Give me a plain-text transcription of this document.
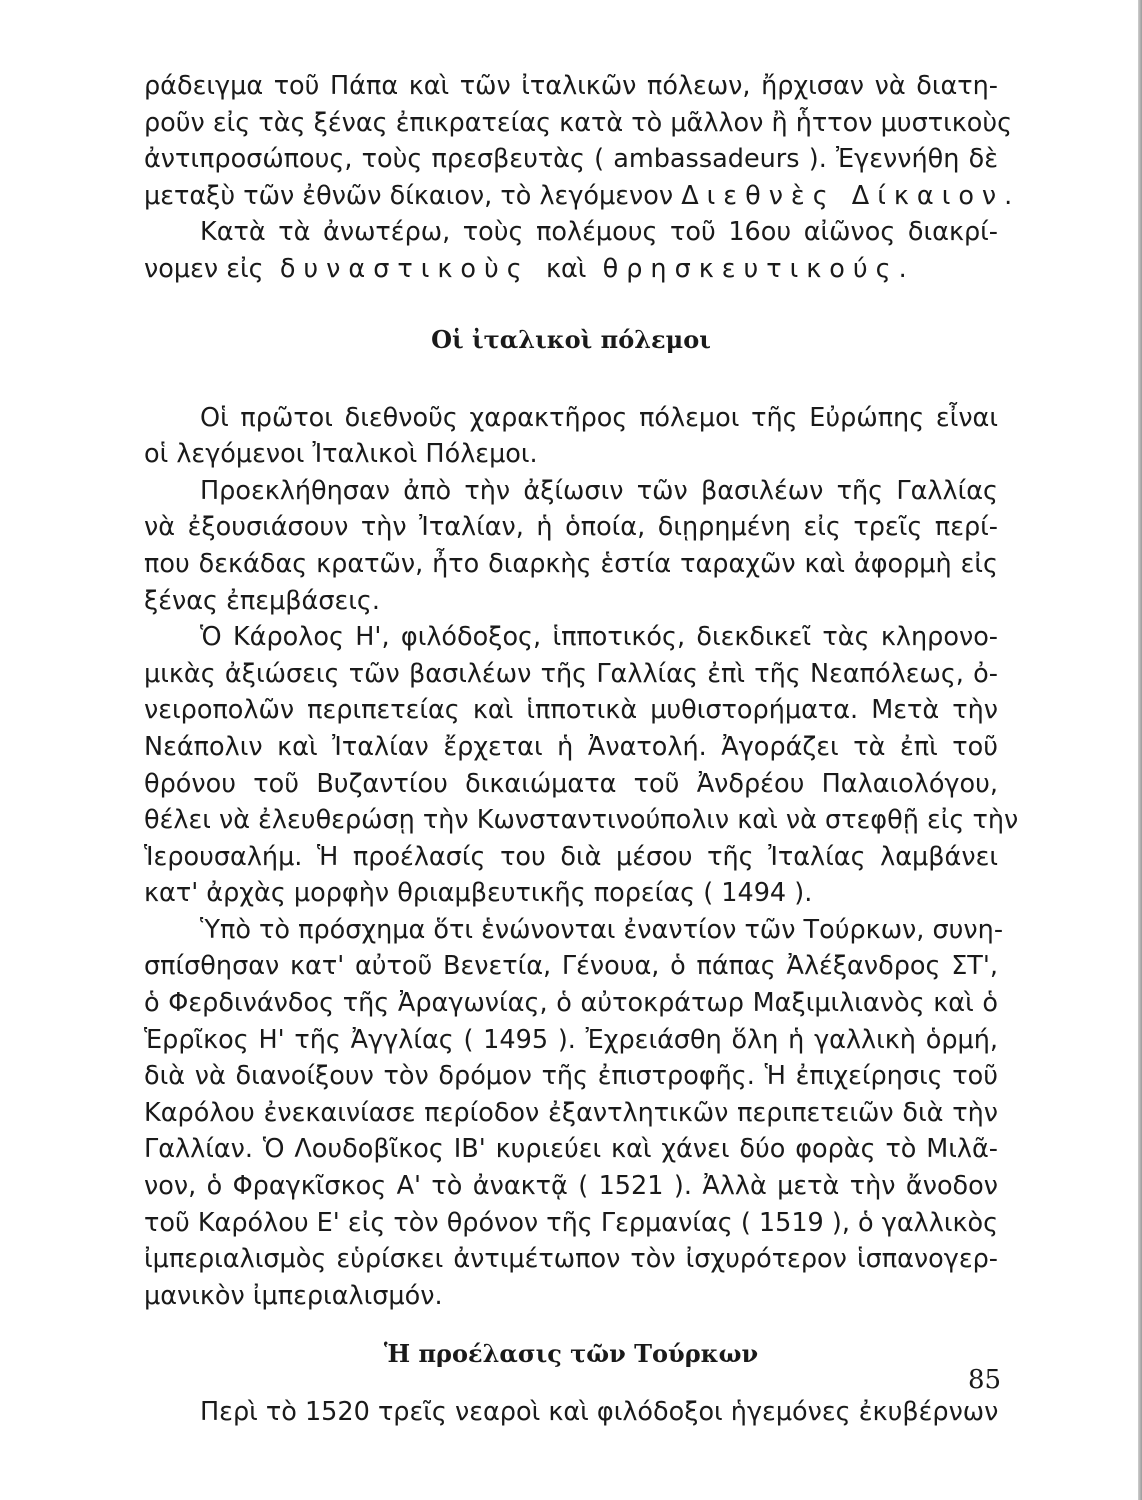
ράδειγμα τοῦ Πάπα καὶ τῶν ἰταλικῶν πόλεων, ἤρχισαν νὰ διατη-
ροῦν εἰς τὰς ξένας ἐπικρατείας κατὰ τὸ μᾶλλον ἢ ἧττον μυστικοὺς
ἀντιπροσώπους, τοὺς πρεσβευτὰς ( ambassadeurs ). Ἐγεννήθη δὲ
μεταξὺ τῶν ἐθνῶν δίκαιον, τὸ λεγόμενον Διεθνὲς Δίκαιον.
Κατὰ τὰ ἀνωτέρω, τοὺς πολέμους τοῦ 16ου αἰῶνος διακρί-
νομεν εἰς δυναστικοὺς καὶ θρησκευτικούς.
Οἱ ἰταλικοὶ πόλεμοι
Οἱ πρῶτοι διεθνοῦς χαρακτῆρος πόλεμοι τῆς Εὐρώπης εἶναι
οἱ λεγόμενοι Ἰταλικοὶ Πόλεμοι.
Προεκλήθησαν ἀπὸ τὴν ἀξίωσιν τῶν βασιλέων τῆς Γαλλίας
νὰ ἐξουσιάσουν τὴν Ἰταλίαν, ἡ ὁποία, διῃρημένη εἰς τρεῖς περί-
που δεκάδας κρατῶν, ἦτο διαρκὴς ἑστία ταραχῶν καὶ ἀφορμὴ εἰς
ξένας ἐπεμβάσεις.
Ὁ Κάρολος Η', φιλόδοξος, ἱπποτικός, διεκδικεῖ τὰς κληρονο-
μικὰς ἀξιώσεις τῶν βασιλέων τῆς Γαλλίας ἐπὶ τῆς Νεαπόλεως, ὀ-
νειροπολῶν περιπετείας καὶ ἱπποτικὰ μυθιστορήματα. Μετὰ τὴν
Νεάπολιν καὶ Ἰταλίαν ἔρχεται ἡ Ἀνατολή. Ἀγοράζει τὰ ἐπὶ τοῦ
θρόνου τοῦ Βυζαντίου δικαιώματα τοῦ Ἀνδρέου Παλαιολόγου,
θέλει νὰ ἐλευθερώσῃ τὴν Κωνσταντινούπολιν καὶ νὰ στεφθῇ εἰς τὴν
Ἱερουσαλήμ. Ἡ προέλασίς του διὰ μέσου τῆς Ἰταλίας λαμβάνει
κατ' ἀρχὰς μορφὴν θριαμβευτικῆς πορείας ( 1494 ).
Ὑπὸ τὸ πρόσχημα ὅτι ἑνώνονται ἐναντίον τῶν Τούρκων, συνη-
σπίσθησαν κατ' αὐτοῦ Βενετία, Γένουα, ὁ πάπας Ἀλέξανδρος ΣΤ',
ὁ Φερδινάνδος τῆς Ἀραγωνίας, ὁ αὐτοκράτωρ Μαξιμιλιανὸς καὶ ὁ
Ἑρρῖκος Η' τῆς Ἀγγλίας ( 1495 ). Ἐχρειάσθη ὅλη ἡ γαλλικὴ ὁρμή,
διὰ νὰ διανοίξουν τὸν δρόμον τῆς ἐπιστροφῆς. Ἡ ἐπιχείρησις τοῦ
Καρόλου ἐνεκαινίασε περίοδον ἐξαντλητικῶν περιπετειῶν διὰ τὴν
Γαλλίαν. Ὁ Λουδοβῖκος ΙΒ' κυριεύει καὶ χάνει δύο φορὰς τὸ Μιλᾶ-
νον, ὁ Φραγκῖσκος Α' τὸ ἀνακτᾷ ( 1521 ). Ἀλλὰ μετὰ τὴν ἄνοδον
τοῦ Καρόλου Ε' εἰς τὸν θρόνον τῆς Γερμανίας ( 1519 ), ὁ γαλλικὸς
ἰμπεριαλισμὸς εὑρίσκει ἀντιμέτωπον τὸν ἰσχυρότερον ἱσπανογερ-
μανικὸν ἰμπεριαλισμόν.
Ἡ προέλασις τῶν Τούρκων
Περὶ τὸ 1520 τρεῖς νεαροὶ καὶ φιλόδοξοι ἡγεμόνες ἐκυβέρνων
85
